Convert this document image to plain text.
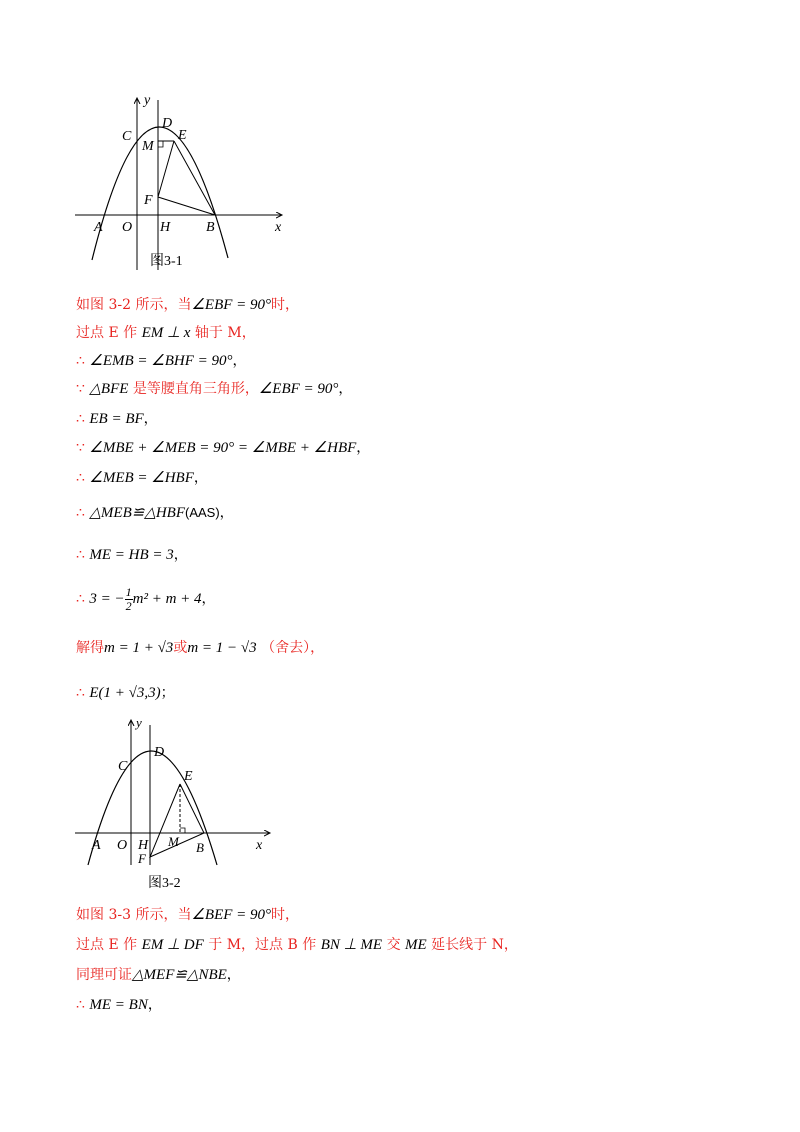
y
x
C
D
E
M
F
A O H	B
图3-1
如图 3-2 所示，当∠EBF = 90°时，
过点 E 作 EM ⊥ x 轴于 M，
∴ ∠EMB = ∠BHF = 90°，
∵ △BFE 是等腰直角三角形，∠EBF = 90°，
∴ EB = BF，
∵ ∠MBE + ∠MEB = 90° = ∠MBE + ∠HBF，
∴ ∠MEB = ∠HBF，
∴ △MEB≌△HBF(AAS)，
∴ ME = HB = 3，
∴ 3 = − $\frac{1}{2} m^2 + m + 4$，
解得m = 1 + √3或m = 1 − √3 （舍去），
∴ E(1 + √3,3)；
y
x
C
D
E
M
F
A O H	B
图3-2
如图 3-3 所示，当∠BEF = 90°时，
过点 E 作 EM ⊥ DF 于 M，过点 B 作 BN ⊥ ME 交 ME 延长线于 N，
同理可证△MEF≌△NBE，
∴ ME = BN，
